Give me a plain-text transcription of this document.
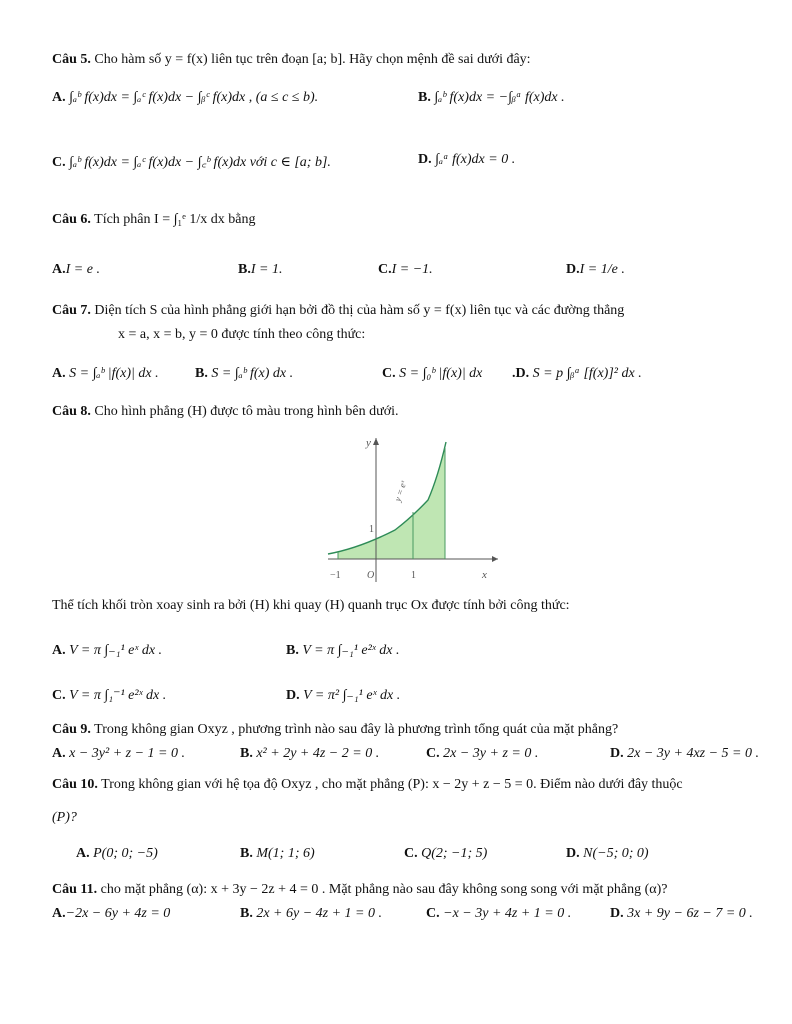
Câu 5. Cho hàm số y = f(x) liên tục trên đoạn [a; b]. Hãy chọn mệnh đề sai dưới đây:
A. ∫ₐᵇ f(x)dx = ∫ₐᶜ f(x)dx − ∫ᵦᶜ f(x)dx , (a ≤ c ≤ b).	B. ∫ₐᵇ f(x)dx = −∫ᵦᵃ f(x)dx .
C. ∫ₐᵇ f(x)dx = ∫ₐᶜ f(x)dx − ∫꜀ᵇ f(x)dx với c ∈ [a; b].	D. ∫ₐᵃ f(x)dx = 0 .
Câu 6. Tích phân I = ∫₁ᵉ 1/x dx bằng
A.I = e .	B.I = 1.	C.I = −1.	D.I = 1/e .
Câu 7. Diện tích S của hình phẳng giới hạn bởi đồ thị của hàm số y = f(x) liên tục và các đường thẳng
x = a, x = b, y = 0 được tính theo công thức:
A. S = ∫ₐᵇ |f(x)| dx .	B. S = ∫ₐᵇ f(x) dx .	C. S = ∫₀ᵇ |f(x)| dx .D. S = p ∫ᵦᵃ [f(x)]² dx .
Câu 8. Cho hình phẳng (H) được tô màu trong hình bên dưới.
y
x
1
−1	O	1
y = eˣ
Thể tích khối tròn xoay sinh ra bởi (H) khi quay (H) quanh trục Ox được tính bởi công thức:
A. V = π ∫₋₁¹ eˣ dx .	B. V = π ∫₋₁¹ e²ˣ dx .
C. V = π ∫₁⁻¹ e²ˣ dx .	D. V = π² ∫₋₁¹ eˣ dx .
Câu 9. Trong không gian Oxyz , phương trình nào sau đây là phương trình tổng quát của mặt phẳng?
A. x − 3y² + z − 1 = 0 .	B. x² + 2y + 4z − 2 = 0 .	C. 2x − 3y + z = 0 .	D. 2x − 3y + 4xz − 5 = 0 .
Câu 10. Trong không gian với hệ tọa độ Oxyz , cho mặt phẳng (P): x − 2y + z − 5 = 0. Điểm nào dưới đây thuộc
(P)?
A. P(0; 0; −5)	B. M(1; 1; 6)	C. Q(2; −1; 5)	D. N(−5; 0; 0)
Câu 11. cho mặt phẳng (α): x + 3y − 2z + 4 = 0 . Mặt phẳng nào sau đây không song song với mặt phẳng (α)?
A.−2x − 6y + 4z = 0	B. 2x + 6y − 4z + 1 = 0 .	C. −x − 3y + 4z + 1 = 0 .	D. 3x + 9y − 6z − 7 = 0 .
